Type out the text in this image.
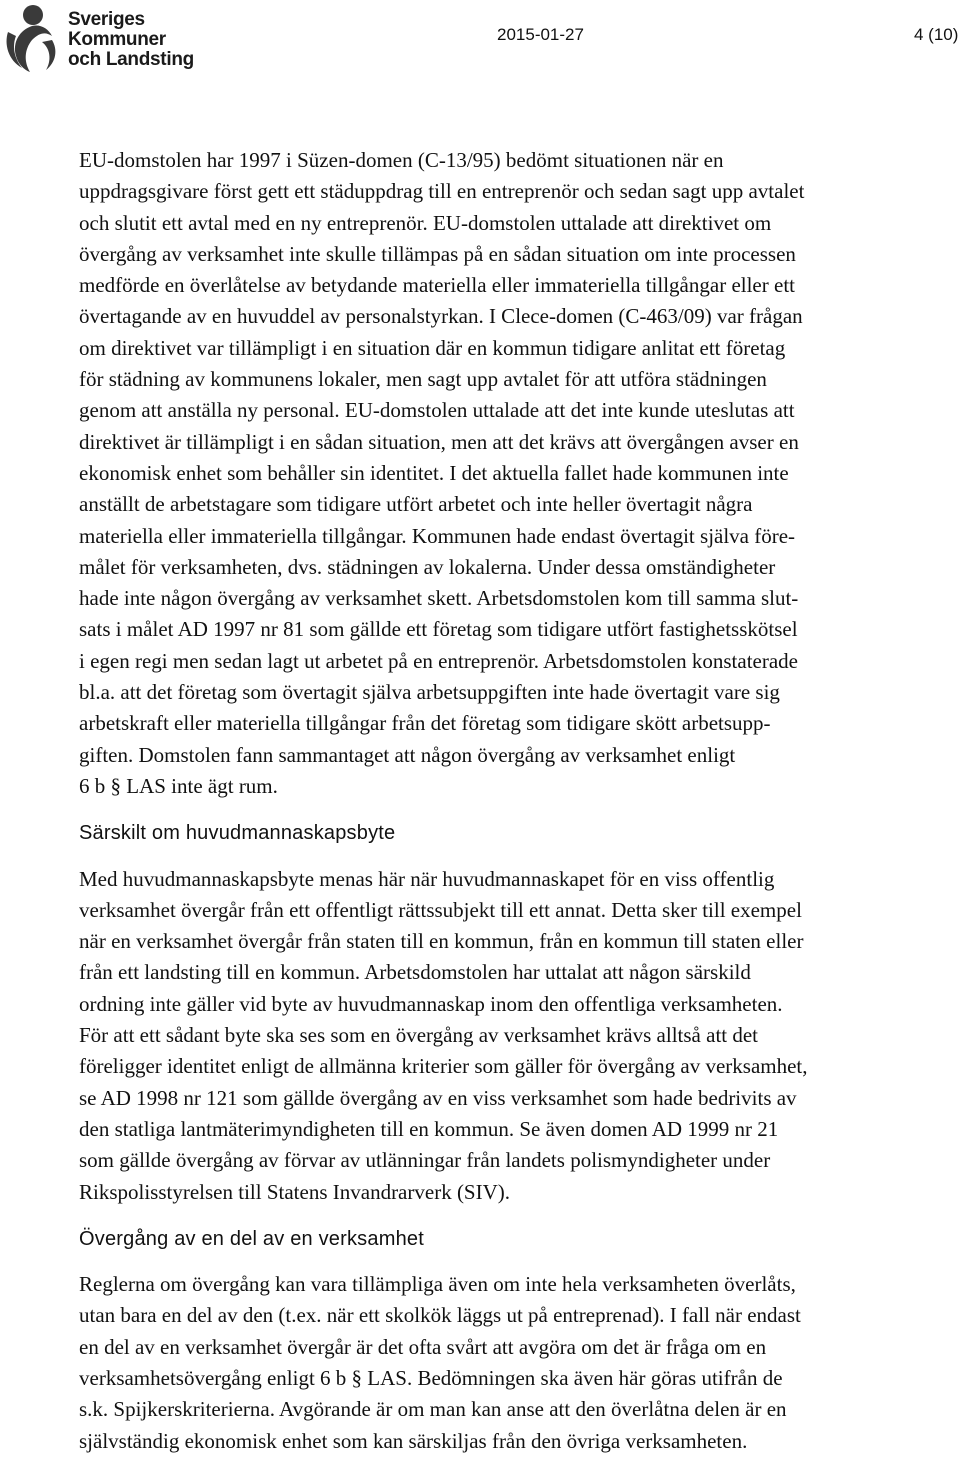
Sveriges
Kommuner
och Landsting
2015-01-27	4 (10)

EU-domstolen har 1997 i Süzen-domen (C-13/95) bedömt situationen när en
uppdragsgivare först gett ett städuppdrag till en entreprenör och sedan sagt upp avtalet
och slutit ett avtal med en ny entreprenör. EU-domstolen uttalade att direktivet om
övergång av verksamhet inte skulle tillämpas på en sådan situation om inte processen
medförde en överlåtelse av betydande materiella eller immateriella tillgångar eller ett
övertagande av en huvuddel av personalstyrkan. I Clece-domen (C-463/09) var frågan
om direktivet var tillämpligt i en situation där en kommun tidigare anlitat ett företag
för städning av kommunens lokaler, men sagt upp avtalet för att utföra städningen
genom att anställa ny personal. EU-domstolen uttalade att det inte kunde uteslutas att
direktivet är tillämpligt i en sådan situation, men att det krävs att övergången avser en
ekonomisk enhet som behåller sin identitet. I det aktuella fallet hade kommunen inte
anställt de arbetstagare som tidigare utfört arbetet och inte heller övertagit några
materiella eller immateriella tillgångar. Kommunen hade endast övertagit själva före-
målet för verksamheten, dvs. städningen av lokalerna. Under dessa omständigheter
hade inte någon övergång av verksamhet skett. Arbetsdomstolen kom till samma slut-
sats i målet AD 1997 nr 81 som gällde ett företag som tidigare utfört fastighetsskötsel
i egen regi men sedan lagt ut arbetet på en entreprenör. Arbetsdomstolen konstaterade
bl.a. att det företag som övertagit själva arbetsuppgiften inte hade övertagit vare sig
arbetskraft eller materiella tillgångar från det företag som tidigare skött arbetsupp-
giften. Domstolen fann sammantaget att någon övergång av verksamhet enligt
6 b § LAS inte ägt rum.

Särskilt om huvudmannaskapsbyte

Med huvudmannaskapsbyte menas här när huvudmannaskapet för en viss offentlig
verksamhet övergår från ett offentligt rättssubjekt till ett annat. Detta sker till exempel
när en verksamhet övergår från staten till en kommun, från en kommun till staten eller
från ett landsting till en kommun. Arbetsdomstolen har uttalat att någon särskild
ordning inte gäller vid byte av huvudmannaskap inom den offentliga verksamheten.
För att ett sådant byte ska ses som en övergång av verksamhet krävs alltså att det
föreligger identitet enligt de allmänna kriterier som gäller för övergång av verksamhet,
se AD 1998 nr 121 som gällde övergång av en viss verksamhet som hade bedrivits av
den statliga lantmäterimyndigheten till en kommun. Se även domen AD 1999 nr 21
som gällde övergång av förvar av utlänningar från landets polismyndigheter under
Rikspolisstyrelsen till Statens Invandrarverk (SIV).

Övergång av en del av en verksamhet

Reglerna om övergång kan vara tillämpliga även om inte hela verksamheten överlåts,
utan bara en del av den (t.ex. när ett skolkök läggs ut på entreprenad). I fall när endast
en del av en verksamhet övergår är det ofta svårt att avgöra om det är fråga om en
verksamhetsövergång enligt 6 b § LAS. Bedömningen ska även här göras utifrån de
s.k. Spijkerskriterierna. Avgörande är om man kan anse att den överlåtna delen är en
självständig ekonomisk enhet som kan särskiljas från den övriga verksamheten.
